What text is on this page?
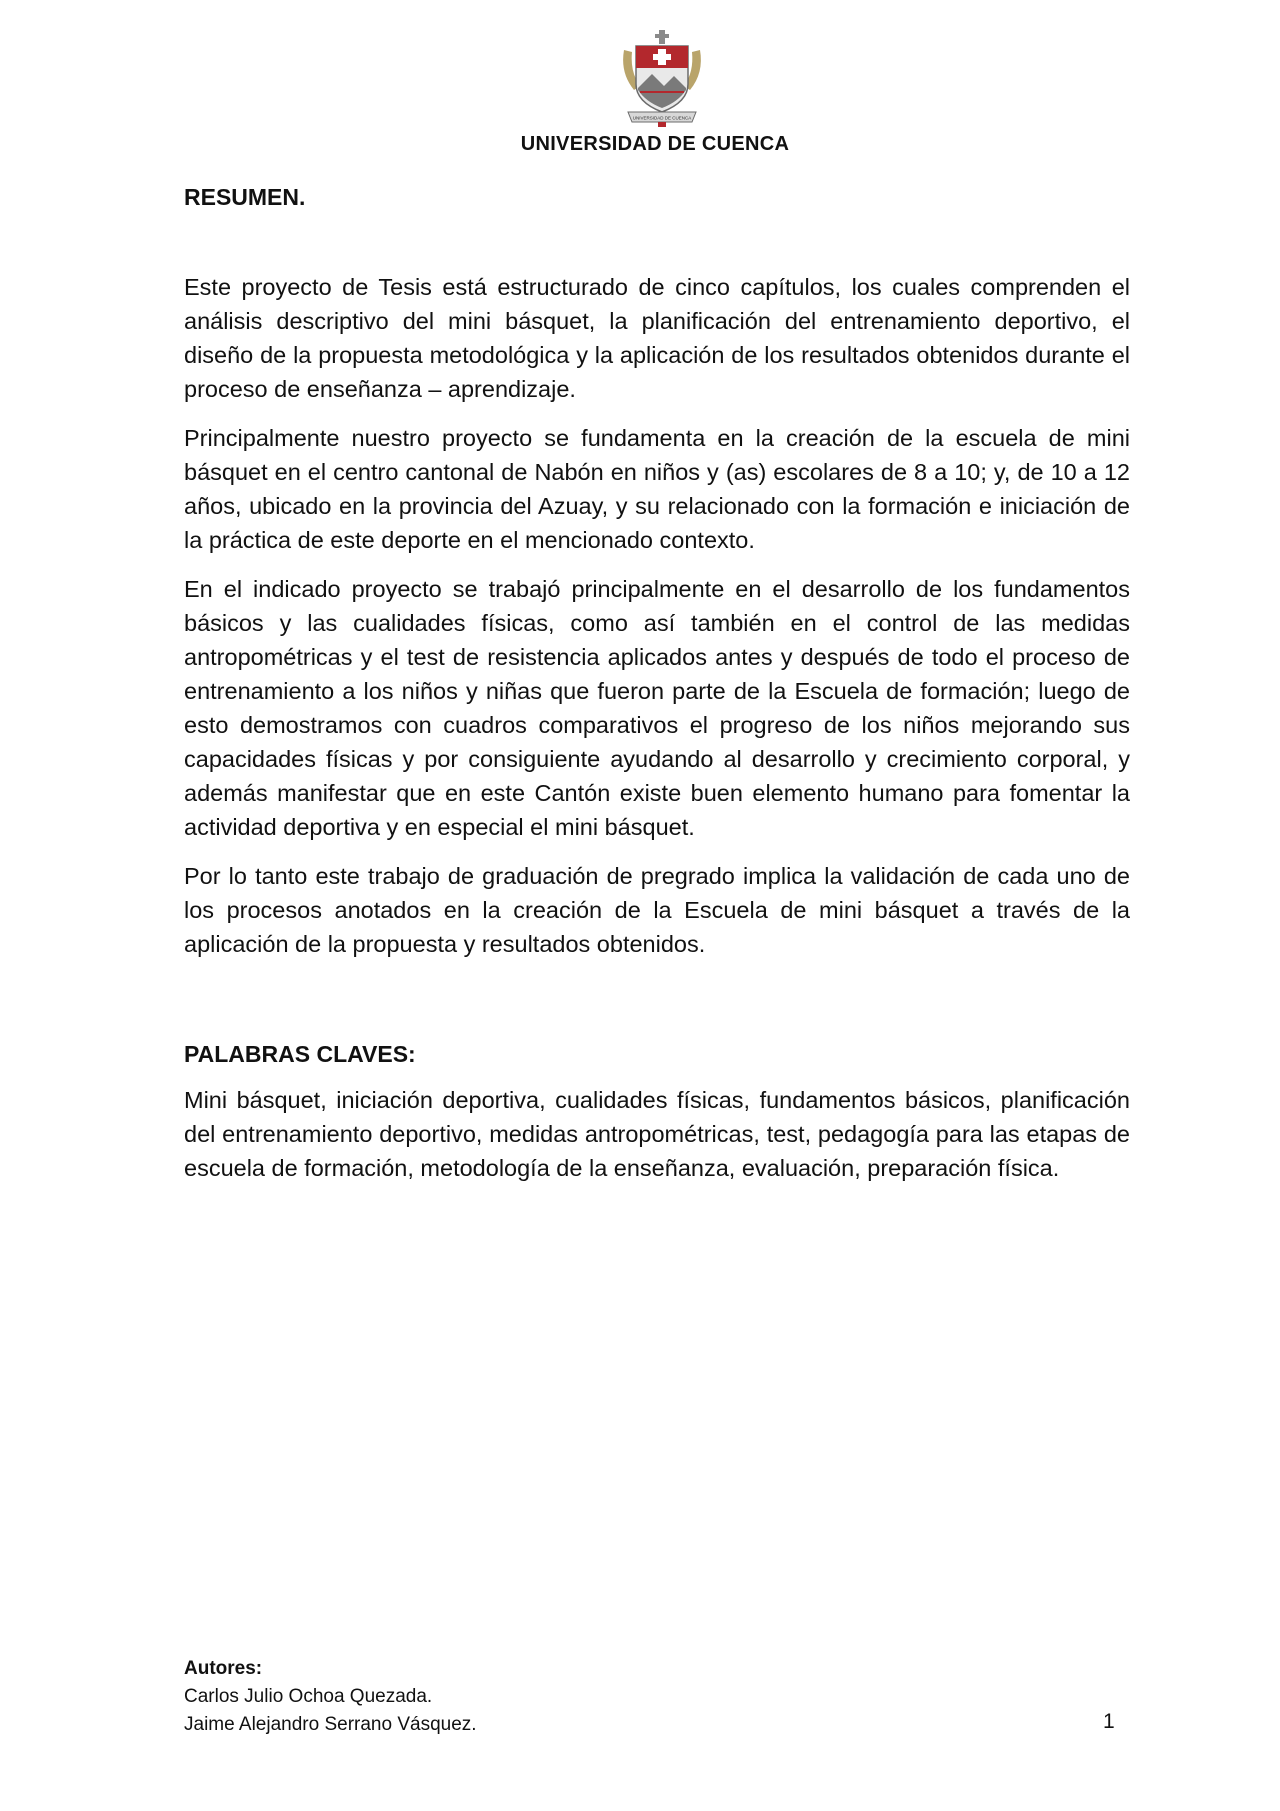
UNIVERSIDAD DE CUENCA
UNIVERSIDAD DE CUENCA

RESUMEN.

Este proyecto de Tesis está estructurado de cinco capítulos, los cuales comprenden el análisis descriptivo del mini básquet, la planificación del entrenamiento deportivo, el diseño de la propuesta metodológica y la aplicación de los resultados obtenidos durante el proceso de enseñanza – aprendizaje.

Principalmente nuestro proyecto se fundamenta en la creación de la escuela de mini básquet en el centro cantonal de Nabón en niños y (as) escolares de 8 a 10; y, de 10 a 12 años, ubicado en la provincia del Azuay, y su relacionado con la formación e iniciación de la práctica de este deporte en el mencionado contexto.

En el indicado proyecto se trabajó principalmente en el desarrollo de los fundamentos básicos y las cualidades físicas, como así también en el control de las medidas antropométricas y el test de resistencia aplicados antes y después de todo el proceso de entrenamiento a los niños y niñas que fueron parte de la Escuela de formación; luego de esto demostramos con cuadros comparativos el progreso de los niños mejorando sus capacidades físicas y por consiguiente ayudando al desarrollo y crecimiento corporal, y además manifestar que en este Cantón existe buen elemento humano para fomentar la actividad deportiva y en especial el mini básquet.

Por lo tanto este trabajo de graduación de pregrado implica la validación de cada uno de los procesos anotados en la creación de la Escuela de mini básquet a través de la aplicación de la propuesta y resultados obtenidos.

PALABRAS CLAVES:

Mini básquet, iniciación deportiva, cualidades físicas, fundamentos básicos, planificación del entrenamiento deportivo, medidas antropométricas, test, pedagogía para las etapas de escuela de formación, metodología de la enseñanza, evaluación, preparación física.

Autores:
Carlos Julio Ochoa Quezada.
Jaime Alejandro Serrano Vásquez.	1
